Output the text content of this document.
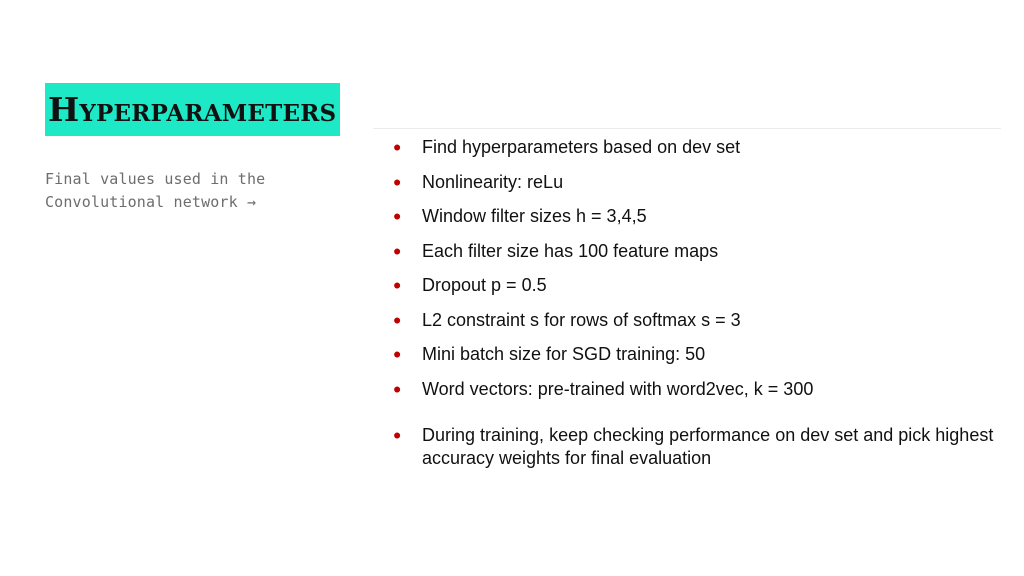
Hyperparameters

Final values used in the Convolutional network →

●	Find hyperparameters based on dev set
●	Nonlinearity: reLu
●	Window filter sizes h = 3,4,5
●	Each filter size has 100 feature maps
●	Dropout p = 0.5
●	L2 constraint s for rows of softmax s = 3
●	Mini batch size for SGD training: 50
●	Word vectors: pre-trained with word2vec, k = 300
●	During training, keep checking performance on dev set and pick highest accuracy weights for final evaluation
